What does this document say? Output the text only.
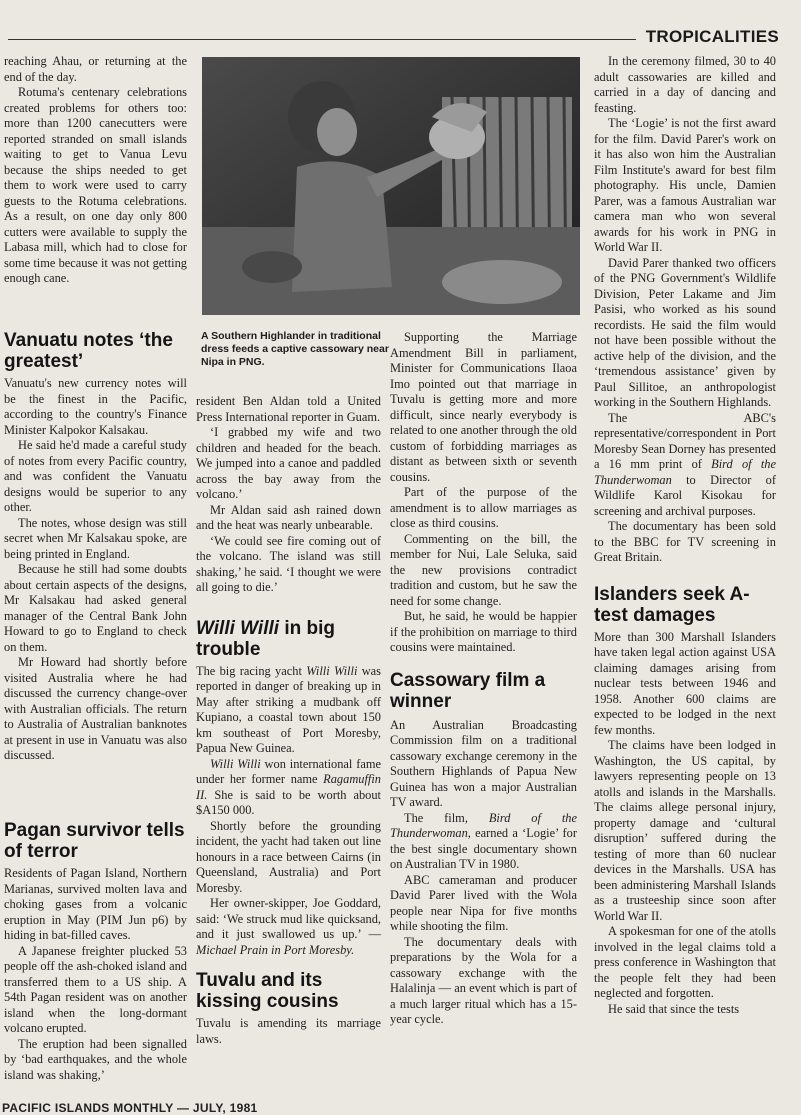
TROPICALITIES
A Southern Highlander in traditional dress feeds a captive cassowary near Nipa in PNG.

reaching Ahau, or returning at the end of the day.

Rotuma's centenary celebrations created problems for others too: more than 1200 canecutters were reported stranded on small islands waiting to get to Vanua Levu because the ships needed to get them to work were used to carry guests to the Rotuma celebrations. As a result, on one day only 800 cutters were available to supply the Labasa mill, which had to close for some time because it was not getting enough cane.

Vanuatu notes ‘the greatest’

Vanuatu's new currency notes will be the finest in the Pacific, according to the country's Finance Minister Kalpokor Kalsakau.

He said he'd made a careful study of notes from every Pacific country, and was confident the Vanuatu designs would be superior to any other.

The notes, whose design was still secret when Mr Kalsakau spoke, are being printed in England.

Because he still had some doubts about certain aspects of the designs, Mr Kalsakau had asked general manager of the Central Bank John Howard to go to England to check on them.

Mr Howard had shortly before visited Australia where he had discussed the currency change-over with Australian officials. The return to Australia of Australian banknotes at present in use in Vanuatu was also discussed.

Pagan survivor tells of terror

Residents of Pagan Island, Northern Marianas, survived molten lava and choking gases from a volcanic eruption in May (PIM Jun p6) by hiding in bat-filled caves.

A Japanese freighter plucked 53 people off the ash-choked island and transferred them to a US ship. A 54th Pagan resident was on another island when the long-dormant volcano erupted.

The eruption had been signalled by ‘bad earthquakes, and the whole island was shaking,’

resident Ben Aldan told a United Press International reporter in Guam.

‘I grabbed my wife and two children and headed for the beach. We jumped into a canoe and paddled across the bay away from the volcano.’

Mr Aldan said ash rained down and the heat was nearly unbearable.

‘We could see fire coming out of the volcano. The island was still shaking,’ he said. ‘I thought we were all going to die.’

Willi Willi in big trouble

The big racing yacht Willi Willi was reported in danger of breaking up in May after striking a mudbank off Kupiano, a coastal town about 150 km southeast of Port Moresby, Papua New Guinea.

Willi Willi won international fame under her former name Ragamuffin II. She is said to be worth about $A150 000.

Shortly before the grounding incident, the yacht had taken out line honours in a race between Cairns (in Queensland, Australia) and Port Moresby.

Her owner-skipper, Joe Goddard, said: ‘We struck mud like quicksand, and it just swallowed us up.’ — Michael Prain in Port Moresby.

Tuvalu and its kissing cousins

Tuvalu is amending its marriage laws.

Supporting the Marriage Amendment Bill in parliament, Minister for Communications Ilaoa Imo pointed out that marriage in Tuvalu is getting more and more difficult, since nearly everybody is related to one another through the old custom of forbidding marriages as distant as between sixth or seventh cousins.

Part of the purpose of the amendment is to allow marriages as close as third cousins.

Commenting on the bill, the member for Nui, Lale Seluka, said the new provisions contradict tradition and custom, but he saw the need for some change.

But, he said, he would be happier if the prohibition on marriage to third cousins were maintained.

Cassowary film a winner

An Australian Broadcasting Commission film on a traditional cassowary exchange ceremony in the Southern Highlands of Papua New Guinea has won a major Australian TV award.

The film, Bird of the Thunderwoman, earned a ‘Logie’ for the best single documentary shown on Australian TV in 1980.

ABC cameraman and producer David Parer lived with the Wola people near Nipa for five months while shooting the film.

The documentary deals with preparations by the Wola for a cassowary exchange with the Halalinja — an event which is part of a much larger ritual which has a 15-year cycle.

In the ceremony filmed, 30 to 40 adult cassowaries are killed and carried in a day of dancing and feasting.

The ‘Logie’ is not the first award for the film. David Parer's work on it has also won him the Australian Film Institute's award for best film photography. His uncle, Damien Parer, was a famous Australian war camera man who won several awards for his work in PNG in World War II.

David Parer thanked two officers of the PNG Government's Wildlife Division, Peter Lakame and Jim Pasisi, who worked as his sound recordists. He said the film would not have been possible without the active help of the division, and the ‘tremendous assistance’ given by Paul Sillitoe, an anthropologist working in the Southern Highlands.

The ABC's representative/correspondent in Port Moresby Sean Dorney has presented a 16 mm print of Bird of the Thunderwoman to Director of Wildlife Karol Kisokau for screening and archival purposes.

The documentary has been sold to the BBC for TV screening in Great Britain.

Islanders seek A-test damages

More than 300 Marshall Islanders have taken legal action against USA claiming damages arising from nuclear tests between 1946 and 1958. Another 600 claims are expected to be lodged in the next few months.

The claims have been lodged in Washington, the US capital, by lawyers representing people on 13 atolls and islands in the Marshalls. The claims allege personal injury, property damage and ‘cultural disruption’ suffered during the testing of more than 60 nuclear devices in the Marshalls. USA has been administering Marshall Islands as a trusteeship since soon after World War II.

A spokesman for one of the atolls involved in the legal claims told a press conference in Washington that the people felt they had been neglected and forgotten.

He said that since the tests

PACIFIC ISLANDS MONTHLY — JULY, 1981
